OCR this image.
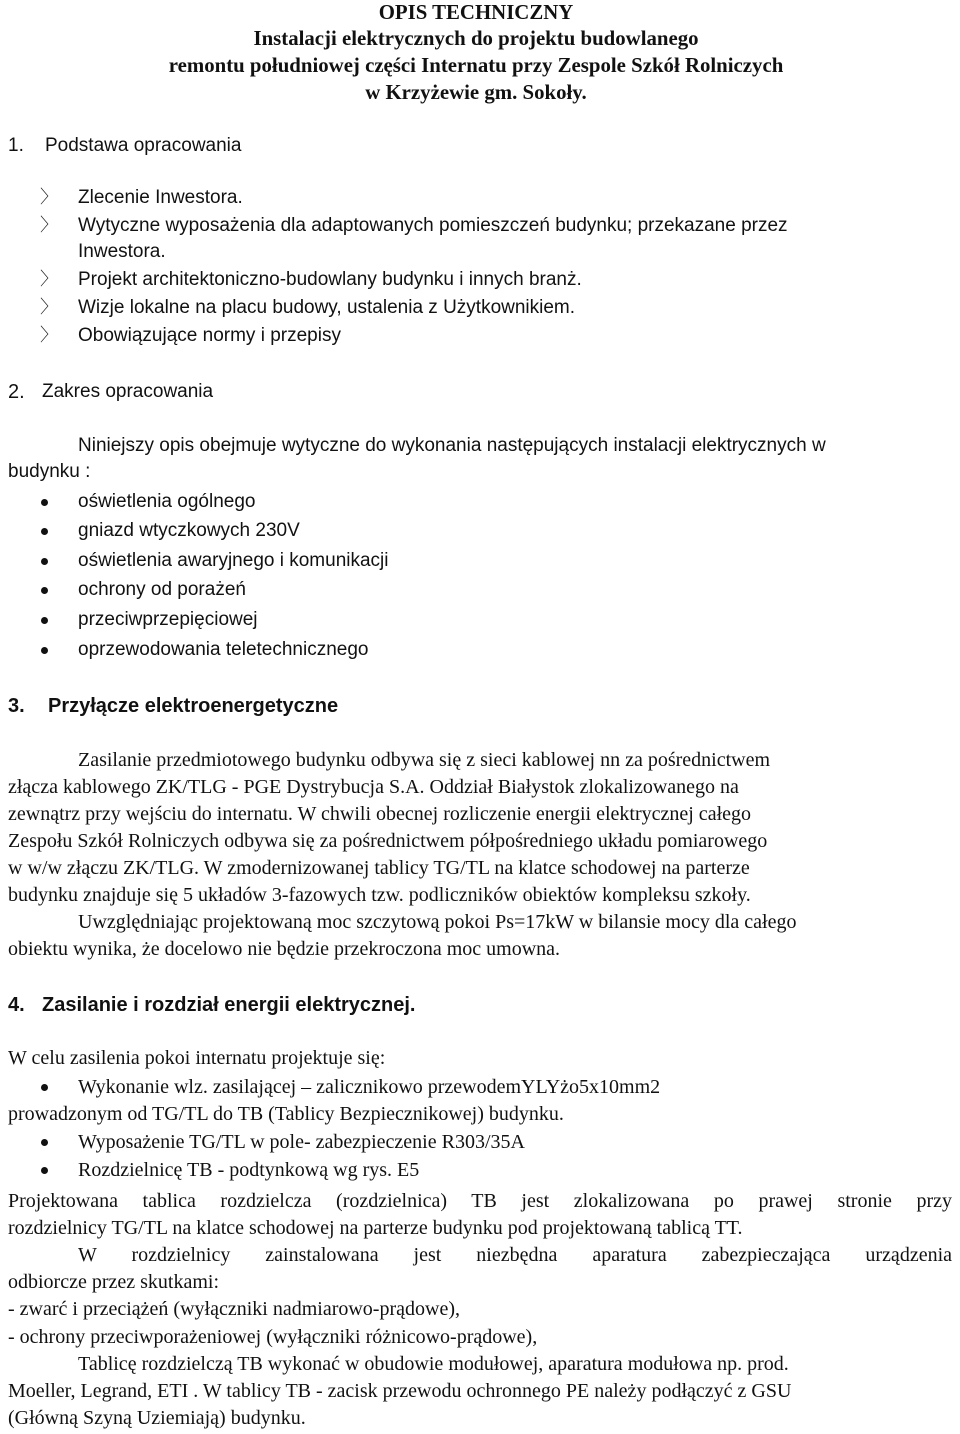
OPIS TECHNICZNY
Instalacji elektrycznych do projektu budowlanego
remontu południowej części Internatu przy Zespole Szkół Rolniczych
w Krzyżewie gm. Sokoły.
1. Podstawa opracowania
〉 Zlecenie Inwestora.
〉 Wytyczne wyposażenia dla adaptowanych pomieszczeń budynku; przekazane przez
Inwestora.
〉 Projekt architektoniczno-budowlany budynku i innych branż.
〉 Wizje lokalne na placu budowy, ustalenia z Użytkownikiem.
〉 Obowiązujące normy i przepisy
2. Zakres opracowania
Niniejszy opis obejmuje wytyczne do wykonania następujących instalacji elektrycznych w
budynku :
oświetlenia ogólnego
gniazd wtyczkowych 230V
oświetlenia awaryjnego i komunikacji
ochrony od porażeń
przeciwprzepięciowej
oprzewodowania teletechnicznego
3. Przyłącze elektroenergetyczne
Zasilanie przedmiotowego budynku odbywa się z sieci kablowej nn za pośrednictwem
złącza kablowego ZK/TLG - PGE Dystrybucja S.A. Oddział Białystok zlokalizowanego na
zewnątrz przy wejściu do internatu. W chwili obecnej rozliczenie energii elektrycznej całego
Zespołu Szkół Rolniczych odbywa się za pośrednictwem półpośredniego układu pomiarowego
w w/w złączu ZK/TLG. W zmodernizowanej tablicy TG/TL na klatce schodowej na parterze
budynku znajduje się 5 układów 3-fazowych tzw. podliczników obiektów kompleksu szkoły.
Uwzględniając projektowaną moc szczytową pokoi Ps=17kW w bilansie mocy dla całego
obiektu wynika, że docelowo nie będzie przekroczona moc umowna.
4. Zasilanie i rozdział energii elektrycznej.
W celu zasilenia pokoi internatu projektuje się:
Wykonanie wlz. zasilającej – zalicznikowo przewodemYLYżo5x10mm2
prowadzonym od TG/TL do TB (Tablicy Bezpiecznikowej) budynku.
Wyposażenie TG/TL w pole- zabezpieczenie R303/35A
Rozdzielnicę TB - podtynkową wg rys. E5
Projektowana tablica rozdzielcza (rozdzielnica) TB jest zlokalizowana po prawej stronie przy
rozdzielnicy TG/TL na klatce schodowej na parterze budynku pod projektowaną tablicą TT.
W rozdzielnicy zainstalowana jest niezbędna aparatura zabezpieczająca urządzenia
odbiorcze przez skutkami:
- zwarć i przeciążeń (wyłączniki nadmiarowo-prądowe),
- ochrony przeciwporażeniowej (wyłączniki różnicowo-prądowe),
Tablicę rozdzielczą TB wykonać w obudowie modułowej, aparatura modułowa np. prod.
Moeller, Legrand, ETI . W tablicy TB - zacisk przewodu ochronnego PE należy podłączyć z GSU
(Główną Szyną Uziemiają) budynku.
